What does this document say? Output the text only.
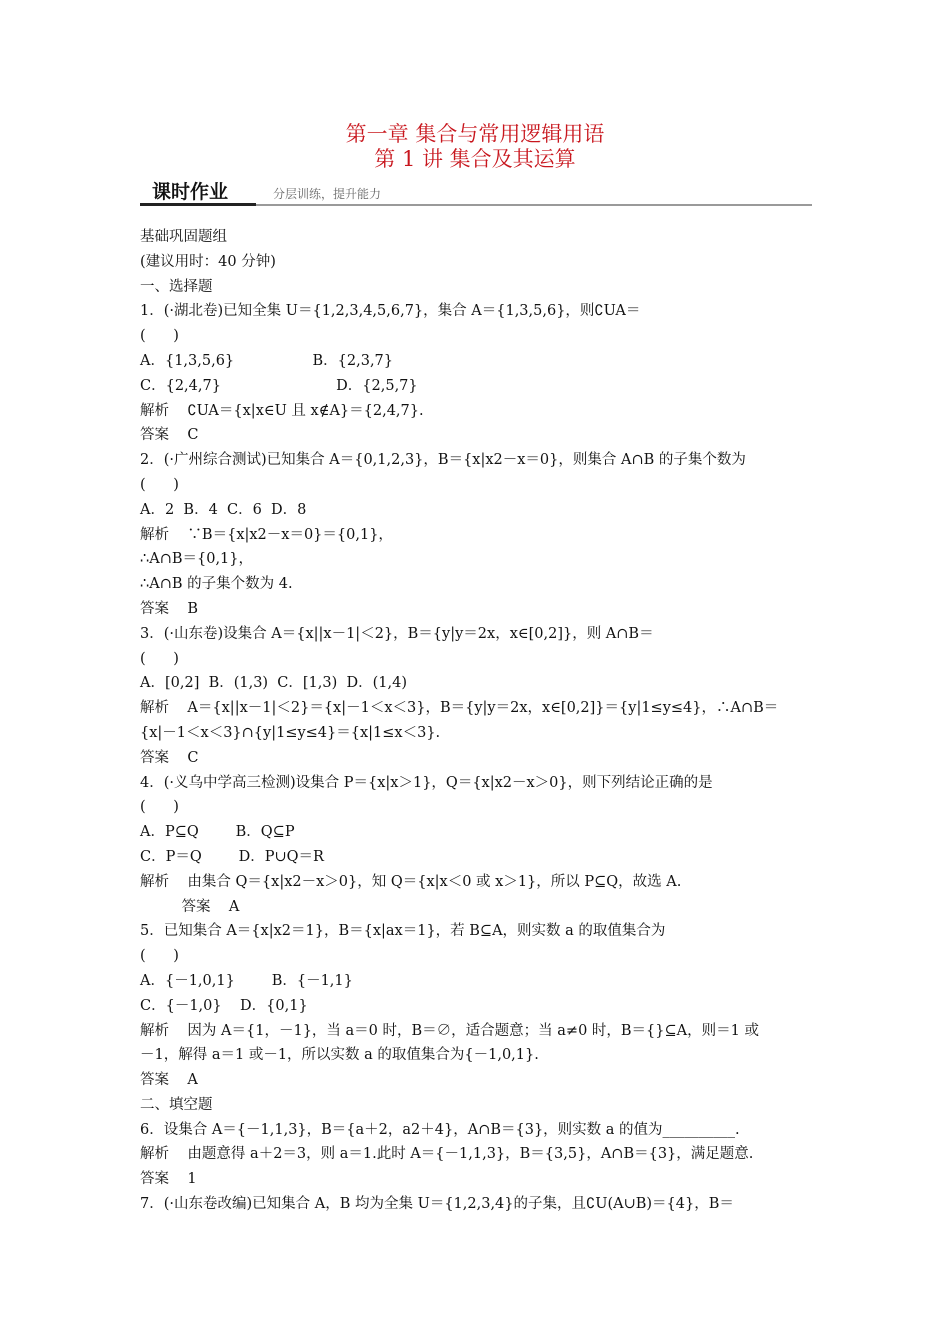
第一章 集合与常用逻辑用语
第 1 讲 集合及其运算
课时作业	分层训练，提升能力
基础巩固题组
(建议用时：40 分钟)
一、选择题
1．(·湖北卷)已知全集 U＝{1,2,3,4,5,6,7}，集合 A＝{1,3,5,6}，则∁UA＝
(      )
A．{1,3,5,6}                 B．{2,3,7}
C．{2,4,7}                         D．{2,5,7}
解析    ∁UA＝{x|x∈U 且 x∉A}＝{2,4,7}.
答案    C
2．(·广州综合测试)已知集合 A＝{0,1,2,3}，B＝{x|x2－x＝0}，则集合 A∩B 的子集个数为
(      )
A．2  B．4  C．6  D．8
解析    ∵B＝{x|x2－x＝0}＝{0,1}，
∴A∩B＝{0,1}，
∴A∩B 的子集个数为 4.
答案    B
3．(·山东卷)设集合 A＝{x||x－1|＜2}，B＝{y|y＝2x，x∈[0,2]}，则 A∩B＝
(      )
A．[0,2]  B．(1,3)  C．[1,3)  D．(1,4)
解析    A＝{x||x－1|＜2}＝{x|－1＜x＜3}，B＝{y|y＝2x，x∈[0,2]}＝{y|1≤y≤4}，∴A∩B＝
{x|－1＜x＜3}∩{y|1≤y≤4}＝{x|1≤x＜3}.
答案    C
4．(·义乌中学高三检测)设集合 P＝{x|x＞1}，Q＝{x|x2－x＞0}，则下列结论正确的是
(      )
A．P⊆Q        B．Q⊆P
C．P＝Q        D．P∪Q＝R
解析    由集合 Q＝{x|x2－x＞0}，知 Q＝{x|x＜0 或 x＞1}，所以 P⊆Q，故选 A.
答案    A
5．已知集合 A＝{x|x2＝1}，B＝{x|ax＝1}，若 B⊆A，则实数 a 的取值集合为
(      )
A．{－1,0,1}        B．{－1,1}
C．{－1,0}    D．{0,1}
解析    因为 A＝{1，－1}，当 a＝0 时，B＝∅，适合题意；当 a≠0 时，B＝{}⊆A，则＝1 或
－1，解得 a＝1 或－1，所以实数 a 的取值集合为{－1,0,1}.
答案    A
二、填空题
6．设集合 A＝{－1,1,3}，B＝{a＋2，a2＋4}，A∩B＝{3}，则实数 a 的值为__________.
解析    由题意得 a＋2＝3，则 a＝1.此时 A＝{－1,1,3}，B＝{3,5}，A∩B＝{3}，满足题意.
答案    1
7．(·山东卷改编)已知集合 A，B 均为全集 U＝{1,2,3,4}的子集，且∁U(A∪B)＝{4}，B＝
